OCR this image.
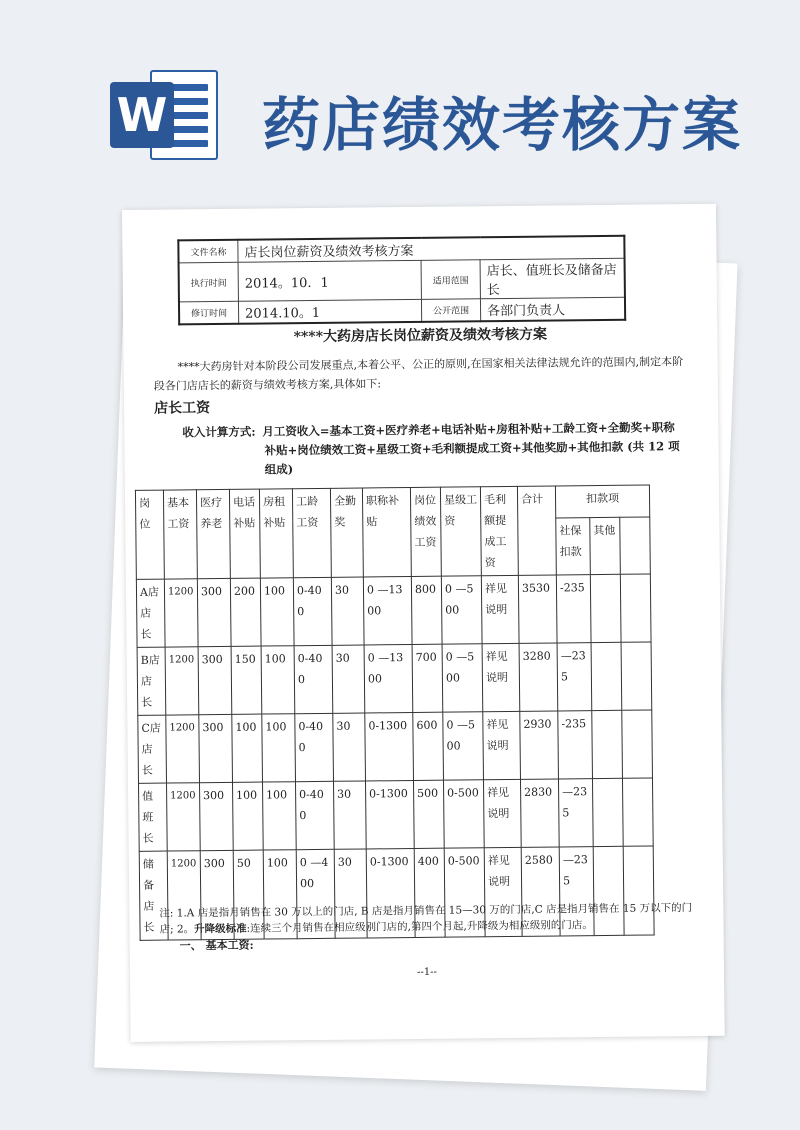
W 药店绩效考核方案
文件名称	店长岗位薪资及绩效考核方案		
执行时间	2014。10．1	适用范围	店长、值班长及储备店长
修订时间	2014.10。1	公开范围	各部门负责人
****大药房店长岗位薪资及绩效考核方案
****大药房针对本阶段公司发展重点,本着公平、公正的原则,在国家相关法律法规允许的范围内,制定本阶段各门店店长的薪资与绩效考核方案,具体如下:
店长工资
收入计算方式: 月工资收入=基本工资+医疗养老+电话补贴+房租补贴+工龄工资+全勤奖+职称
补贴+岗位绩效工资+星级工资+毛利额提成工资+其他奖励+其他扣款 (共 12 项组成)
岗位	基本工资	医疗养老	电话补贴	房租补贴	工龄工资	全勤奖	职称补贴	岗位绩效工资	星级工资	毛利额提成工资	合计	扣款项		
												社保扣款	其他	
A店店长	1200	300	200	100	0-400	30	0 —1300	800	0 —500	祥见说明	3530	-235		
B店店长	1200	300	150	100	0-400	30	0 —1300	700	0 —500	祥见说明	3280	—235		
C店店长	1200	300	100	100	0-400	30	0-1300	600	0 —500	祥见说明	2930	-235		
值班长	1200	300	100	100	0-400	30	0-1300	500	0-500	祥见说明	2830	—235		
储备店长	1200	300	50	100	0 —400	30	0-1300	400	0-500	祥见说明	2580	—235		
注: 1.A 店是指月销售在 30 万以上的门店, B 店是指月销售在 15—30 万的门店,C 店是指月销售在 15 万以下的门店; 2。升降级标准:连续三个月销售在相应级别门店的,第四个月起,升降级为相应级别的门店。
一、 基本工资:
--1--
